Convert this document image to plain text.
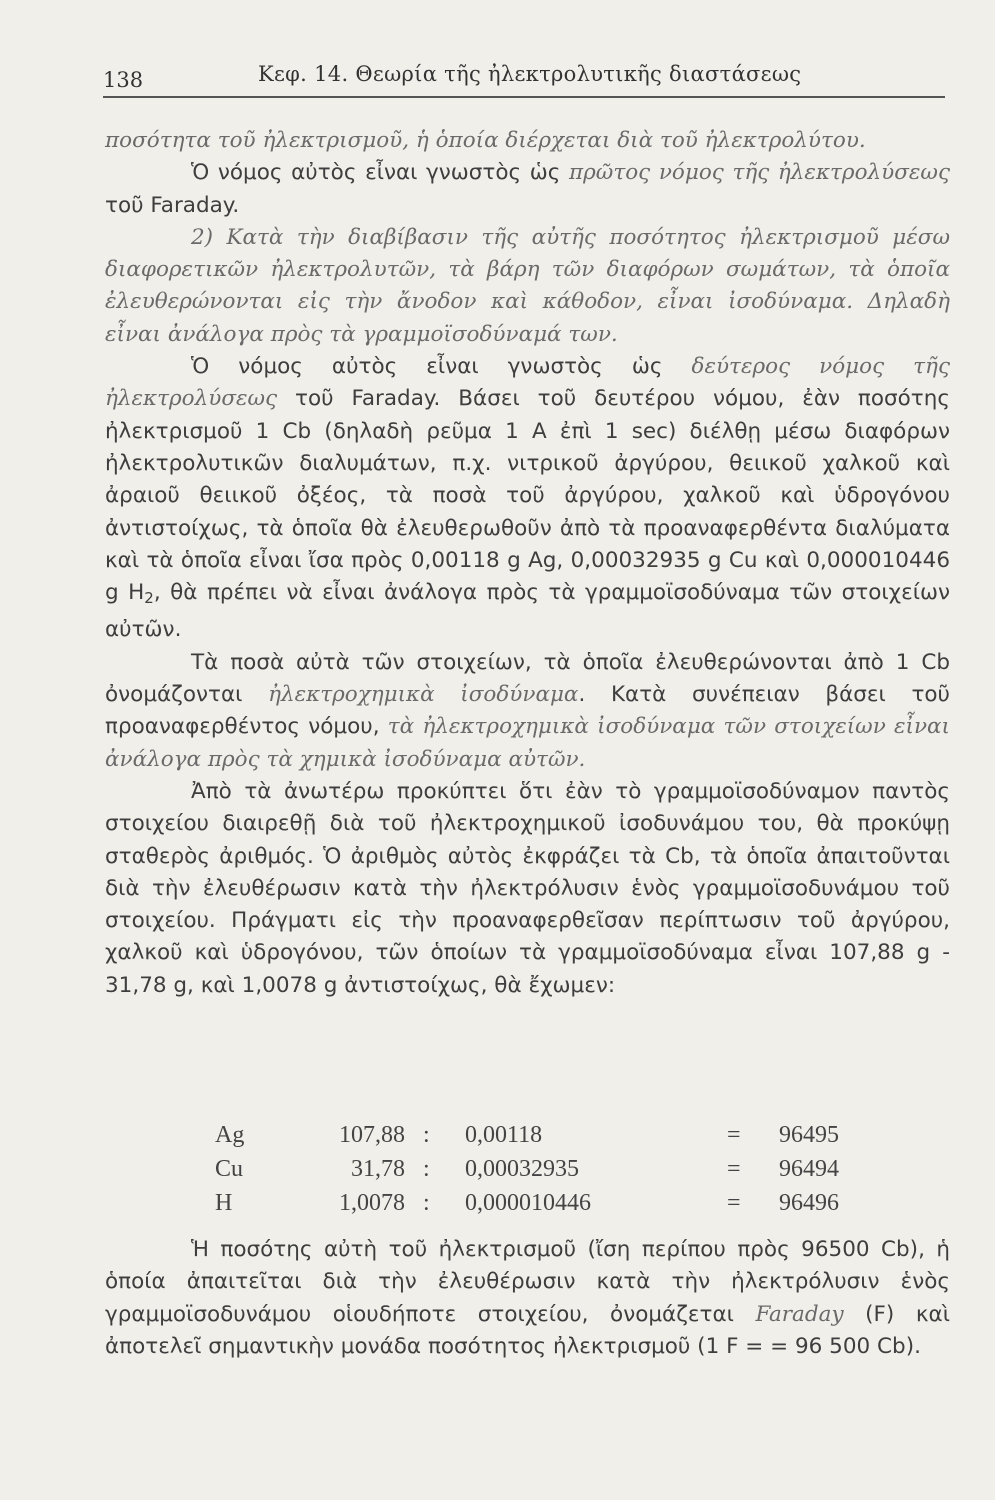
138	Κεφ. 14. Θεωρία τῆς ἠλεκτρολυτικῆς διαστάσεως

ποσότητα τοῦ ἠλεκτρισμοῦ, ἡ ὁποία διέρχεται διὰ τοῦ ἠλεκτρολύτου.

Ὁ νόμος αὐτὸς εἶναι γνωστὸς ὡς πρῶτος νόμος τῆς ἠλεκτρολύσεως τοῦ Faraday.

2) Κατὰ τὴν διαβίβασιν τῆς αὐτῆς ποσότητος ἠλεκτρισμοῦ μέσω διαφορετικῶν ἠλεκτρολυτῶν, τὰ βάρη τῶν διαφόρων σωμάτων, τὰ ὁποῖα ἐλευθερώνονται εἰς τὴν ἄνοδον καὶ κάθοδον, εἶναι ἰσοδύναμα. Δηλαδὴ εἶναι ἀνάλογα πρὸς τὰ γραμμοϊσοδύναμά των.

Ὁ νόμος αὐτὸς εἶναι γνωστὸς ὡς δεύτερος νόμος τῆς ἠλεκτρολύσεως τοῦ Faraday. Βάσει τοῦ δευτέρου νόμου, ἐὰν ποσότης ἠλεκτρισμοῦ 1 Cb (δηλαδὴ ρεῦμα 1 A ἐπὶ 1 sec) διέλθῃ μέσω διαφόρων ἠλεκτρολυτικῶν διαλυμάτων, π.χ. νιτρικοῦ ἀργύρου, θειικοῦ χαλκοῦ καὶ ἀραιοῦ θειικοῦ ὀξέος, τὰ ποσὰ τοῦ ἀργύρου, χαλκοῦ καὶ ὑδρογόνου ἀντιστοίχως, τὰ ὁποῖα θὰ ἐλευθερωθοῦν ἀπὸ τὰ προαναφερθέντα διαλύματα καὶ τὰ ὁποῖα εἶναι ἴσα πρὸς 0,00118 g Ag, 0,00032935 g Cu καὶ 0,000010446 g $H_2$, θὰ πρέπει νὰ εἶναι ἀνάλογα πρὸς τὰ γραμμοϊσοδύναμα τῶν στοιχείων αὐτῶν.

Τὰ ποσὰ αὐτὰ τῶν στοιχείων, τὰ ὁποῖα ἐλευθερώνονται ἀπὸ 1 Cb ὀνομάζονται ἠλεκτροχημικὰ ἰσοδύναμα. Κατὰ συνέπειαν βάσει τοῦ προαναφερθέντος νόμου, τὰ ἠλεκτροχημικὰ ἰσοδύναμα τῶν στοιχείων εἶναι ἀνάλογα πρὸς τὰ χημικὰ ἰσοδύναμα αὐτῶν.

Ἀπὸ τὰ ἀνωτέρω προκύπτει ὅτι ἐὰν τὸ γραμμοϊσοδύναμον παντὸς στοιχείου διαιρεθῇ διὰ τοῦ ἠλεκτροχημικοῦ ἰσοδυνάμου του, θὰ προκύψῃ σταθερὸς ἀριθμός. Ὁ ἀριθμὸς αὐτὸς ἐκφράζει τὰ Cb, τὰ ὁποῖα ἀπαιτοῦνται διὰ τὴν ἐλευθέρωσιν κατὰ τὴν ἠλεκτρόλυσιν ἑνὸς γραμμοϊσοδυνάμου τοῦ στοιχείου. Πράγματι εἰς τὴν προαναφερθεῖσαν περίπτωσιν τοῦ ἀργύρου, χαλκοῦ καὶ ὑδρογόνου, τῶν ὁποίων τὰ γραμμοϊσοδύναμα εἶναι 107,88 g - 31,78 g, καὶ 1,0078 g ἀντιστοίχως, θὰ ἔχωμεν:

Ag	107,88 : 0,00118	= 96495
Cu	31,78 : 0,00032935	= 96494
H	1,0078 : 0,000010446	= 96496

Ἡ ποσότης αὐτὴ τοῦ ἠλεκτρισμοῦ (ἴση περίπου πρὸς 96500 Cb), ἡ ὁποία ἀπαιτεῖται διὰ τὴν ἐλευθέρωσιν κατὰ τὴν ἠλεκτρόλυσιν ἑνὸς γραμμοϊσοδυνάμου οἱουδήποτε στοιχείου, ὀνομάζεται Faraday (F) καὶ ἀποτελεῖ σημαντικὴν μονάδα ποσότητος ἠλεκτρισμοῦ (1 F = = 96 500 Cb).
